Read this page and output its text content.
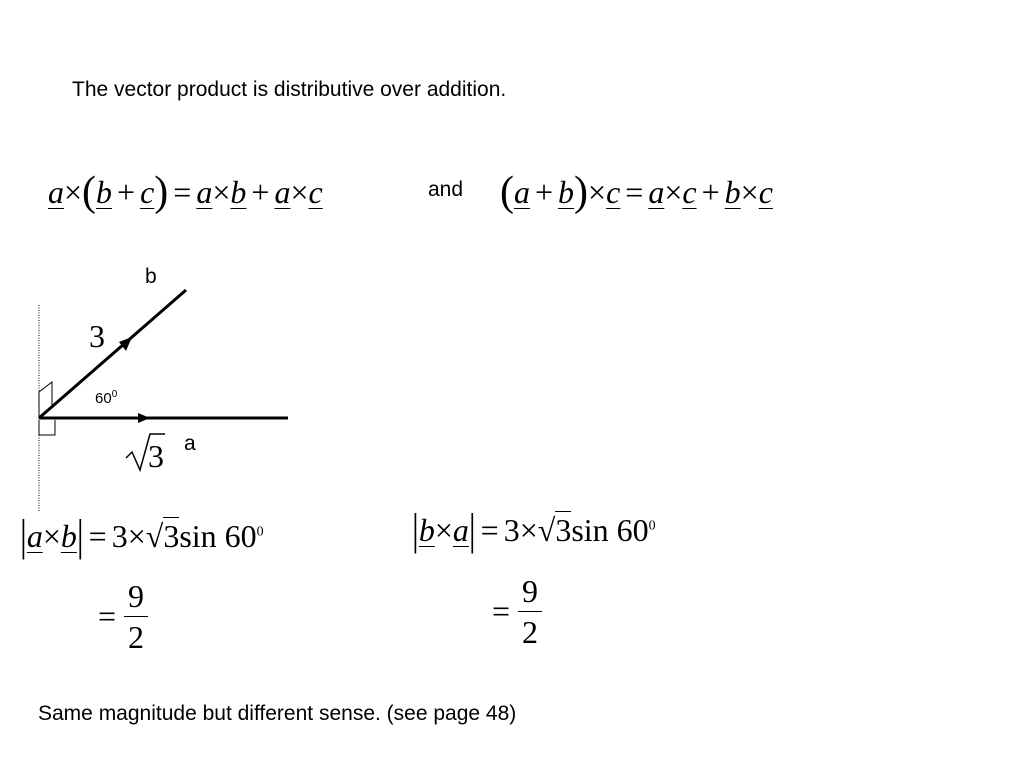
The vector product is distributive over addition.
a×(b + c) = a×b + a×c	and (a + b)×c = a×c + b×c
b
3
$60^0$
a
3
|a×b| = 3×√3sin $60^0$
= $\frac{9}{2}$
|b×a| = 3×√3sin $60^0$
= $\frac{9}{2}$
Same magnitude but different sense. (see page 48)
